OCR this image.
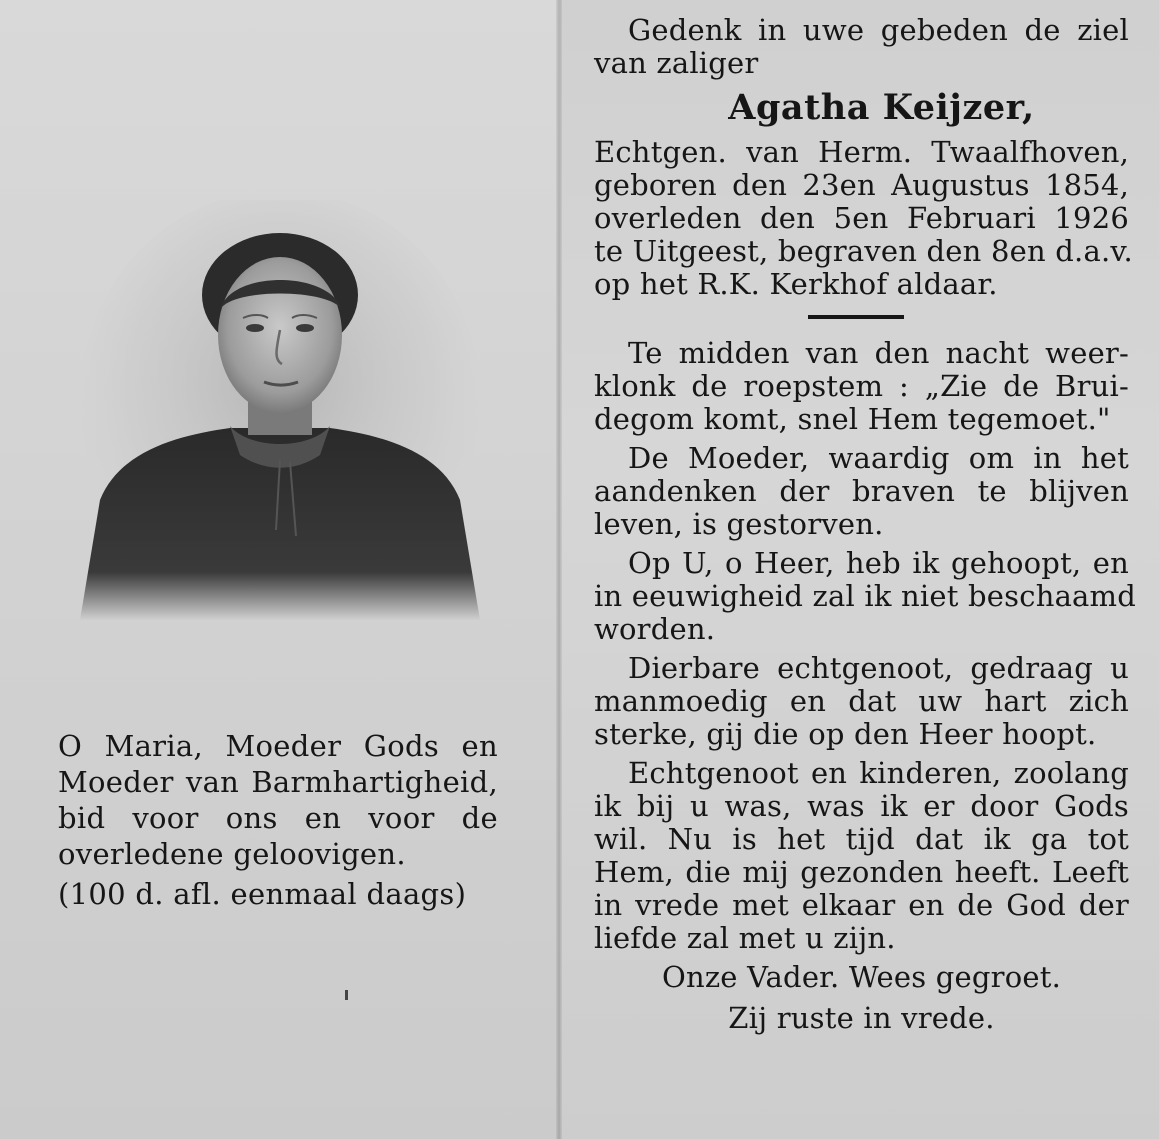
O Maria, Moeder Gods en
Moeder van Barmhartigheid,
bid voor ons en voor de
overledene geloovigen.
(100 d. afl. eenmaal daags)
Gedenk in uwe gebeden de ziel
van zaliger
Agatha Keijzer,
Echtgen. van Herm. Twaalfhoven,
geboren den 23en Augustus 1854,
overleden den 5en Februari 1926
te Uitgeest, begraven den 8en d.a.v.
op het R.K. Kerkhof aldaar.
Te midden van den nacht weer-
klonk de roepstem : „Zie de Brui-
degom komt, snel Hem tegemoet."
De Moeder, waardig om in het
aandenken der braven te blijven
leven, is gestorven.
Op U, o Heer, heb ik gehoopt, en
in eeuwigheid zal ik niet beschaamd
worden.
Dierbare echtgenoot, gedraag u
manmoedig en dat uw hart zich
sterke, gij die op den Heer hoopt.
Echtgenoot en kinderen, zoolang
ik bij u was, was ik er door Gods
wil. Nu is het tijd dat ik ga tot
Hem, die mij gezonden heeft. Leeft
in vrede met elkaar en de God der
liefde zal met u zijn.
Onze Vader. Wees gegroet.
Zij ruste in vrede.
